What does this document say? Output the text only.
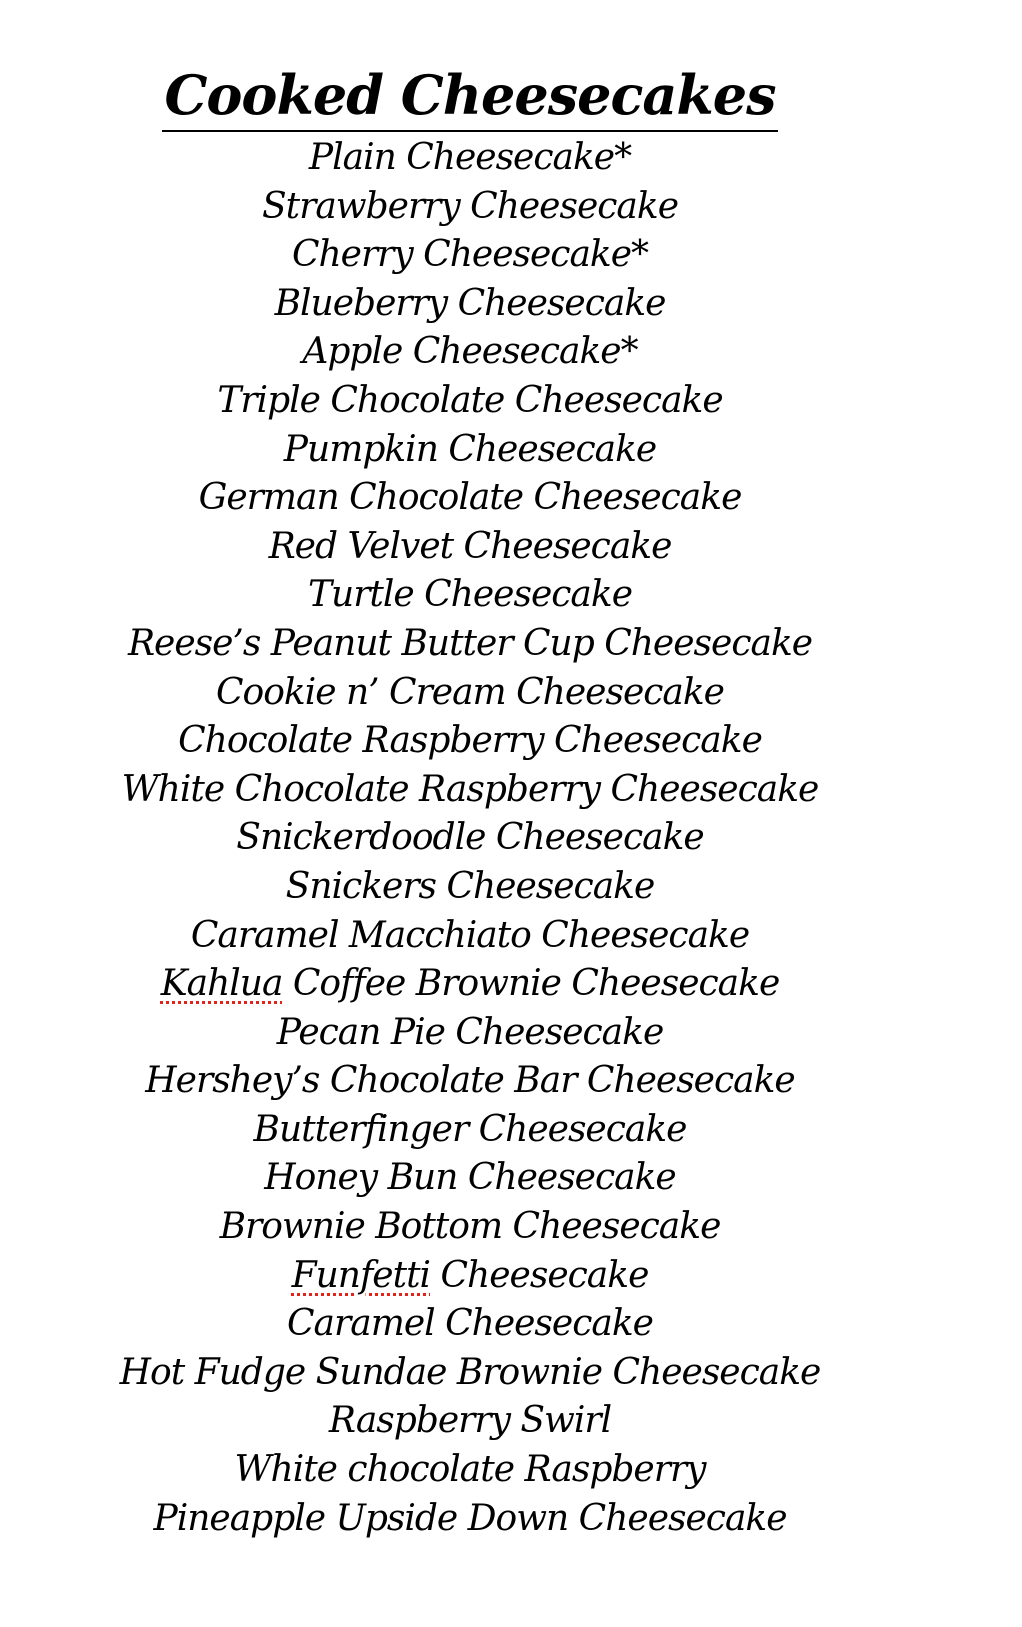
Cooked Cheesecakes
Plain Cheesecake*
Strawberry Cheesecake
Cherry Cheesecake*
Blueberry Cheesecake
Apple Cheesecake*
Triple Chocolate Cheesecake
Pumpkin Cheesecake
German Chocolate Cheesecake
Red Velvet Cheesecake
Turtle Cheesecake
Reese’s Peanut Butter Cup Cheesecake
Cookie n’ Cream Cheesecake
Chocolate Raspberry Cheesecake
White Chocolate Raspberry Cheesecake
Snickerdoodle Cheesecake
Snickers Cheesecake
Caramel Macchiato Cheesecake
Kahlua Coffee Brownie Cheesecake
Pecan Pie Cheesecake
Hershey’s Chocolate Bar Cheesecake
Butterfinger Cheesecake
Honey Bun Cheesecake
Brownie Bottom Cheesecake
Funfetti Cheesecake
Caramel Cheesecake
Hot Fudge Sundae Brownie Cheesecake
Raspberry Swirl
White chocolate Raspberry
Pineapple Upside Down Cheesecake
